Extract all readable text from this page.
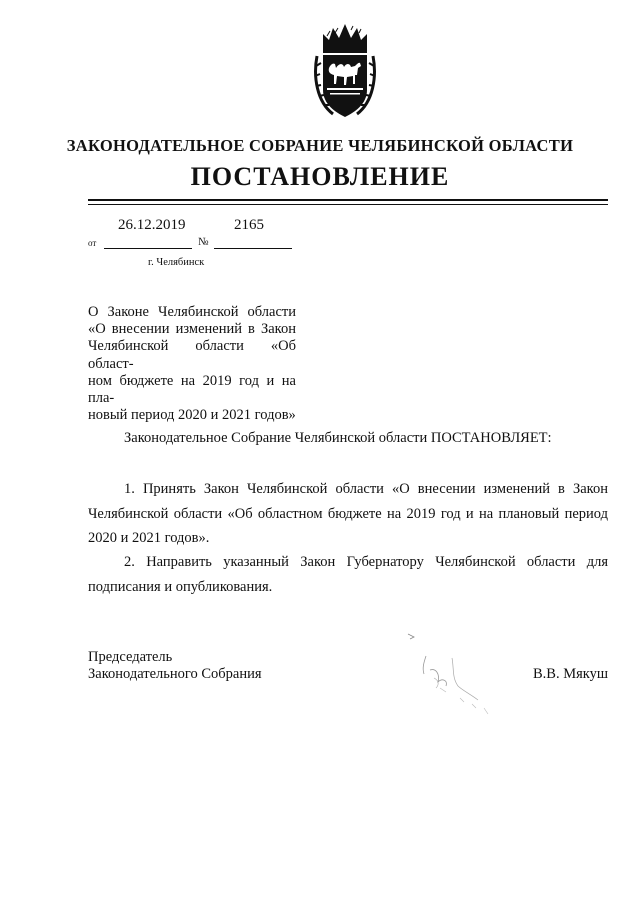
ЗАКОНОДАТЕЛЬНОЕ СОБРАНИЕ ЧЕЛЯБИНСКОЙ ОБЛАСТИ
ПОСТАНОВЛЕНИЕ
26.12.2019	2165
от	№
г. Челябинск
О Законе Челябинской области
«О внесении изменений в Закон
Челябинской области «Об област-
ном бюджете на 2019 год и на пла-
новый период 2020 и 2021 годов»
Законодательное Собрание Челябинской области ПОСТАНОВЛЯЕТ:
1. Принять Закон Челябинской области «О внесении изменений в Закон Челябинской области «Об областном бюджете на 2019 год и на плановый период 2020 и 2021 годов».
2. Направить указанный Закон Губернатору Челябинской области для подписания и опубликования.
Председатель
Законодательного Собрания	В.В. Мякуш
